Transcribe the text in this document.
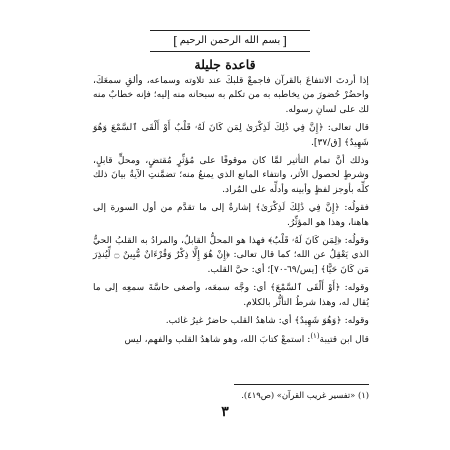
[
بسم الله الرحمن الرحيم
]
قاعدة جليلة

إذا أردتَ الانتفاعَ بالقرآن فاجمعْ قلبكَ عند تلاوته وسماعه، وألقِ سمعَكَ، واحضُرْ حُضورَ من يخاطبه به من تكلم به سبحانه منه إليه؛ فإنه خطابٌ منه لك على لسانِ رسوله.

قال تعالى: ﴿إِنَّ فِي ذَٰلِكَ لَذِكْرَىٰ لِمَن كَانَ لَهُۥ قَلْبٌ أَوْ أَلْقَى ٱلسَّمْعَ وَهُوَ شَهِيدٌ﴾ [ق/٣٧].

وذلك أنَّ تمام التأثير لمَّا كان موقوفًا على مُؤثِّرٍ مُقتضٍ، ومحلٍّ قابلٍ، وشرطٍ لحصول الأثر، وانتفاء المانع الذي يمنعُ منه؛ تضمَّنتِ الآيةُ بيانَ ذلك كلِّه بأوجز لفظٍ وأبينه وأدلِّه على المُراد.

فقولُه: ﴿إِنَّ فِي ذَٰلِكَ لَذِكْرَىٰ﴾ إشارةٌ إلى ما تقدَّم من أول السورة إلى هاهنا، وهذا هو المؤثِّرُ.

وقولُه: ﴿لِمَن كَانَ لَهُۥ قَلْبٌ﴾ فهذا هو المحلُّ القابلُ، والمرادُ به القلبُ الحيُّ الذي يَعْقِلُ عن الله؛ كما قال تعالى: ﴿إِنْ هُوَ إِلَّا ذِكْرٌ وَقُرْءَانٌ مُّبِينٌ ۝ لِّيُنذِرَ مَن كَانَ حَيًّا﴾ [يس/٦٩-٧٠]؛ أي: حيَّ القلب.

وقوله: ﴿أَوْ أَلْقَى ٱلسَّمْعَ﴾ أي: وجَّه سمعَه، وأصغى حاسَّةَ سمعِه إلى ما يُقال له، وهذا شرطُ التأثُّر بالكلام.

وقوله: ﴿وَهُوَ شَهِيدٌ﴾ أي: شاهدُ القلب حاضرٌ غيرُ غائب.

قال ابن قتيبة$^{(١)}$: استمعْ كتابَ الله، وهو شاهدُ القلب والفهم، ليس

(١) «تفسير غريب القرآن» (ص٤١٩).
٣
